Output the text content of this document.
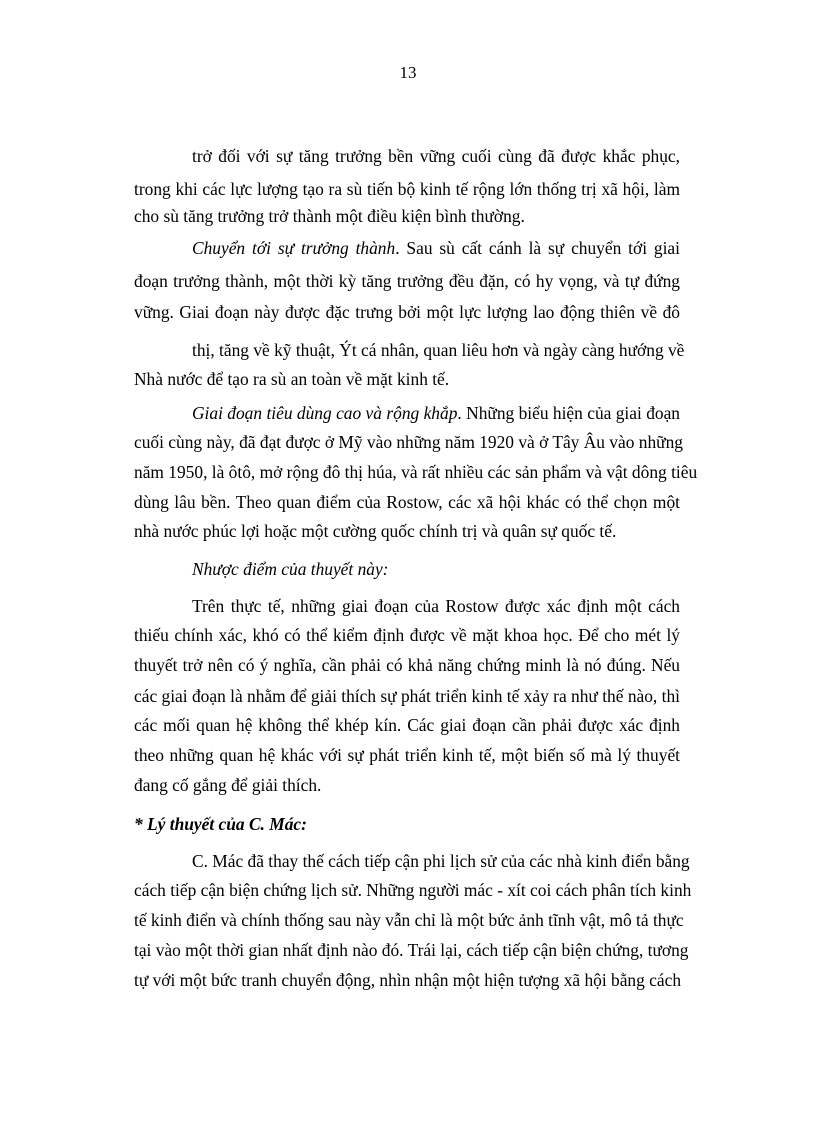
13
trở đối với sự tăng trưởng bền vững cuối cùng đã được khắc phục,
trong khi các lực lượng tạo ra sù tiến bộ kinh tế rộng lớn thống trị xã hội, làm
cho sù tăng trưởng trở thành một điều kiện bình thường.
Chuyển tới sự trưởng thành. Sau sù cất cánh là sự chuyển tới giai
đoạn trưởng thành, một thời kỳ tăng trưởng đều đặn, có hy vọng, và tự đứng
vững. Giai đoạn này được đặc trưng bởi một lực lượng lao động thiên về đô
thị, tăng về kỹ thuật, Ýt cá nhân, quan liêu hơn và ngày càng hướng về
Nhà nước để tạo ra sù an toàn về mặt kinh tế.
Giai đoạn tiêu dùng cao và rộng khắp. Những biểu hiện của giai đoạn
cuối cùng này, đã đạt được ở Mỹ vào những năm 1920 và ở Tây Âu vào những
năm 1950, là ôtô, mở rộng đô thị húa, và rất nhiều các sản phẩm và vật dông tiêu
dùng lâu bền. Theo quan điểm của Rostow, các xã hội khác có thể chọn một
nhà nước phúc lợi hoặc một cường quốc chính trị và quân sự quốc tế.
Nhược điểm của thuyết này:
Trên thực tế, những giai đoạn của Rostow được xác định một cách
thiếu chính xác, khó có thể kiểm định được về mặt khoa học. Để cho mét lý
thuyết trở nên có ý nghĩa, cần phải có khả năng chứng minh là nó đúng. Nếu
các giai đoạn là nhằm để giải thích sự phát triển kinh tế xảy ra như thế nào, thì
các mối quan hệ không thể khép kín. Các giai đoạn cần phải được xác định
theo những quan hệ khác với sự phát triển kinh tế, một biến số mà lý thuyết
đang cố gắng để giải thích.
* Lý thuyết của C. Mác:
C. Mác đã thay thế cách tiếp cận phi lịch sử của các nhà kinh điển bằng
cách tiếp cận biện chứng lịch sử. Những người mác - xít coi cách phân tích kinh
tế kinh điển và chính thống sau này vẫn chỉ là một bức ảnh tĩnh vật, mô tả thực
tại vào một thời gian nhất định nào đó. Trái lại, cách tiếp cận biện chứng, tương
tự với một bức tranh chuyển động, nhìn nhận một hiện tượng xã hội bằng cách
